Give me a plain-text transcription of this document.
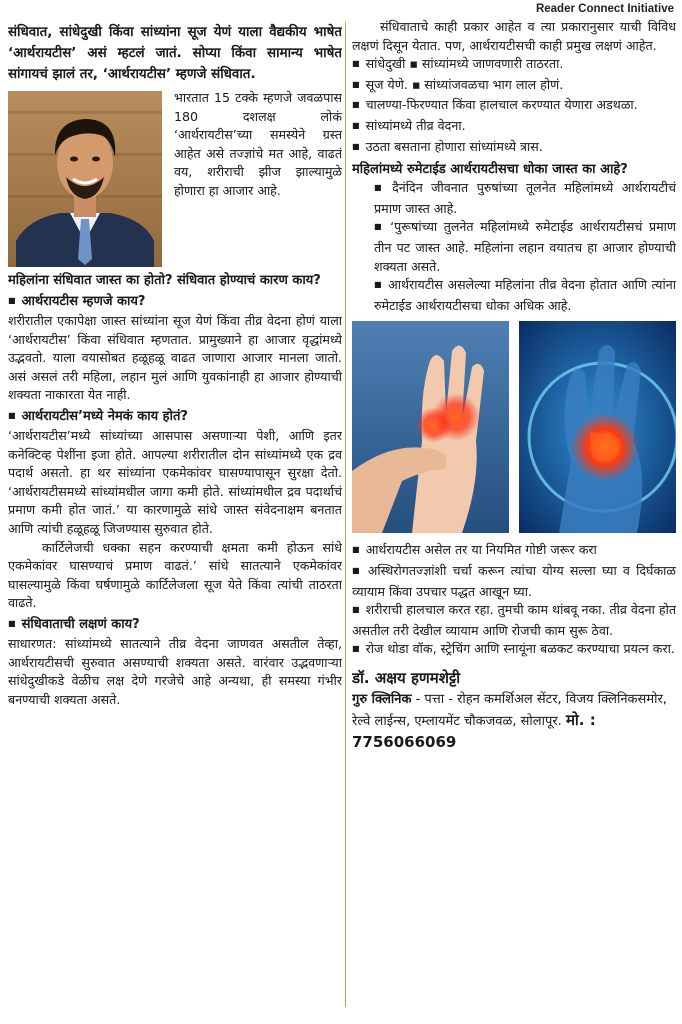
Reader Connect Initiative

संधिवात, सांधेदुखी किंवा सांध्यांना सूज येणं याला वैद्यकीय भाषेत ‘आर्थरायटीस’ असं म्हटलं जातं. सोप्या किंवा सामान्य भाषेत सांगायचं झालं तर, ‘आर्थरायटीस’ म्हणजे संधिवात.

भारतात 15 टक्के म्हणजे जवळपास 180 दशलक्ष लोकं ‘आर्थरायटीस’च्या समस्येने ग्रस्त आहेत असे तज्ज्ञांचे मत आहे, वाढतं वय, शरीराची झीज झाल्यामुळे होणारा हा आजार आहे.

महिलांना संधिवात जास्त का होतो? संधिवात होण्याचं कारण काय?

■ आर्थरायटीस म्हणजे काय?

शरीरातील एकापेक्षा जास्त सांध्यांना सूज येणं किंवा तीव्र वेदना होणं याला ‘आर्थरायटीस’ किंवा संधिवात म्हणतात. प्रामुख्याने हा आजार वृद्धांमध्ये उद्भवतो. याला वयासोबत हळूहळू वाढत जाणारा आजार मानला जातो. असं असलं तरी महिला, लहान मुलं आणि युवकांनाही हा आजार होण्याची शक्यता नाकारता येत नाही.

■ आर्थरायटीस’मध्ये नेमकं काय होतं?

‘आर्थरायटीस’मध्ये सांध्यांच्या आसपास असणाऱ्या पेशी, आणि इतर कनेक्टिव्ह पेशींना इजा होते. आपल्या शरीरातील दोन सांध्यांमध्ये एक द्रव पदार्थ असतो. हा थर सांध्यांना एकमेकांवर घासण्यापासून सुरक्षा देतो. ‘आर्थरायटीसमध्ये सांध्यांमधील जागा कमी होते. सांध्यांमधील द्रव पदार्थाचं प्रमाण कमी होत जातं.’ या कारणामुळे सांधे जास्त संवेदनाक्षम बनतात आणि त्यांची हळूहळू जिजण्यास सुरुवात होते.

कार्टिलेजची धक्का सहन करण्याची क्षमता कमी होऊन सांधे एकमेकांवर घासण्याचं प्रमाण वाढतं.’ सांधे सातत्याने एकमेकांवर घासल्यामुळे किंवा घर्षणामुळे कार्टिलेजला सूज येते किंवा त्यांची ताठरता वाढते.

■ संधिवाताची लक्षणं काय?

साधारणत: सांध्यांमध्ये सातत्याने तीव्र वेदना जाणवत असतील तेव्हा, आर्थरायटीसची सुरुवात असण्याची शक्यता असते. वारंवार उद्भवणाऱ्या सांधेदुखीकडे वेळीच लक्ष देणे गरजेचे आहे अन्यथा, ही समस्या गंभीर बनण्याची शक्यता असते.

संधिवाताचे काही प्रकार आहेत व त्या प्रकारानुसार याची विविध लक्षणं दिसून येतात. पण, आर्थरायटीसची काही प्रमुख लक्षणं आहेत.

■ सांधेदुखी ▪ सांध्यांमध्ये जाणवणारी ताठरता.

■ सूज येणे. ▪ सांध्यांजवळचा भाग लाल होणं.

■ चालण्या-फिरण्यात किंवा हालचाल करण्यात येणारा अडथळा.

■ सांध्यांमध्ये तीव्र वेदना.

■ उठता बसताना होणारा सांध्यांमध्ये त्रास.

महिलांमध्ये रुमेटाईड आर्थरायटीसचा धोका जास्त का आहे?

■ दैनंदिन जीवनात पुरुषांच्या तूलनेत महिलांमध्ये आर्थरायटीचं प्रमाण जास्त आहे.

■ ‘पुरूषांच्या तुलनेत महिलांमध्ये रुमेटाईड आर्थरायटीसचं प्रमाण तीन पट जास्त आहे. महिलांना लहान वयातच हा आजार होण्याची शक्यता असते.

■ आर्थरायटीस असलेल्या महिलांना तीव्र वेदना होतात आणि त्यांना रुमेटाईड आर्थरायटीसचा धोका अधिक आहे.

■ आर्थरायटीस असेल तर या नियमित गोष्टी जरूर करा

■ अस्थिरोगतज्ज्ञांशी चर्चा करून त्यांचा योग्य सल्ला घ्या व दिर्घकाळ व्यायाम किंवा उपचार पद्धत आखून घ्या.

■ शरीराची हालचाल करत रहा. तुमची काम थांबवू नका. तीव्र वेदना होत असतील तरी देखील व्यायाम आणि रोजची काम सुरू ठेवा.

■ रोज थोडा वॉक, स्ट्रेचिंग आणि स्नायूंना बळकट करण्याचा प्रयत्न करा.

डॉ. अक्षय हणमशेट्टी

गुरु क्लिनिक - पत्ता - रोहन कमर्शिअल सेंटर, विजय क्लिनिकसमोर, रेल्वे लाईन्स, एम्लायमेंट चौकजवळ, सोलापूर. मो. : 7756066069
